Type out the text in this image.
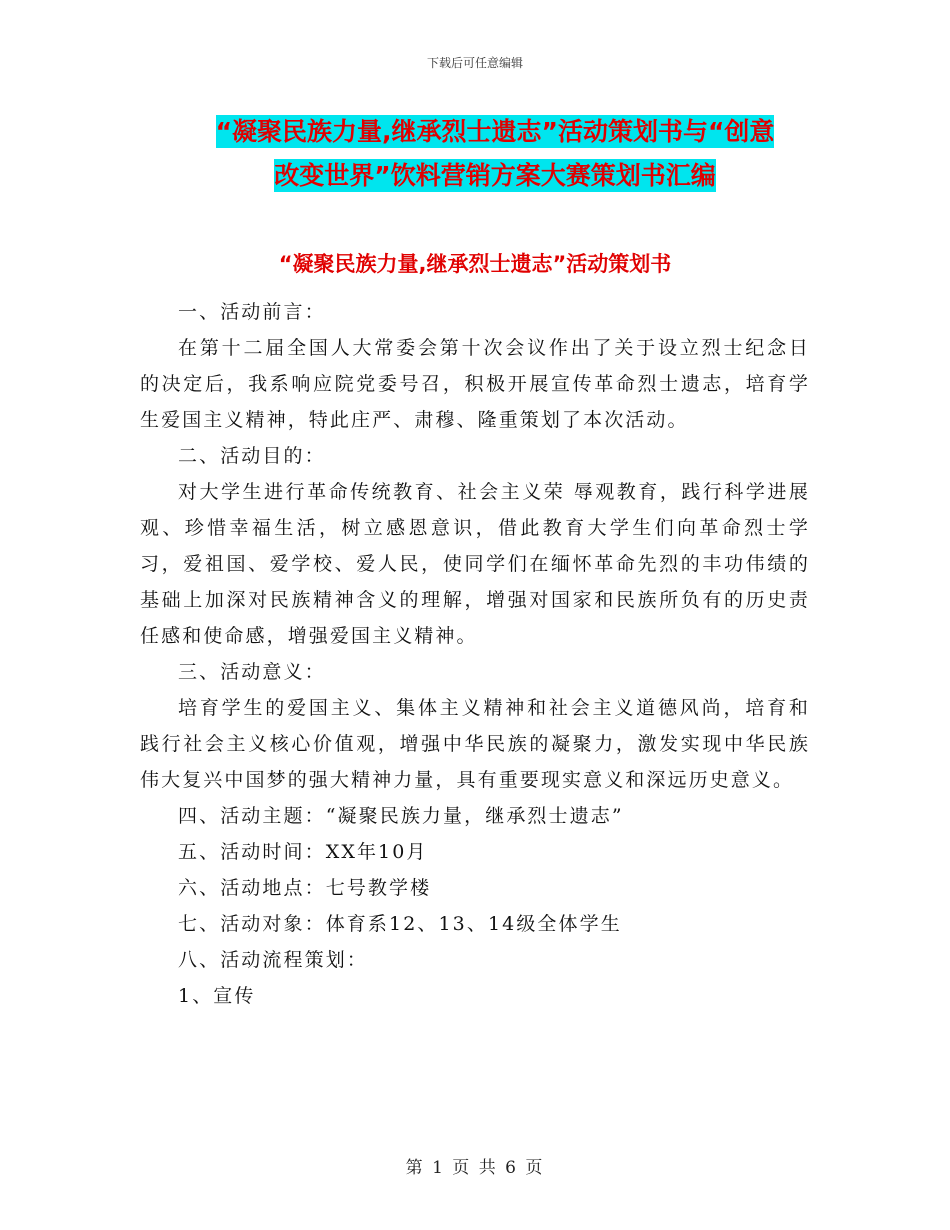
下载后可任意编辑
“凝聚民族力量,继承烈士遗志”活动策划书与“创意
改变世界”饮料营销方案大赛策划书汇编
“凝聚民族力量,继承烈士遗志”活动策划书

一、活动前言：

在第十二届全国人大常委会第十次会议作出了关于设立烈士纪念日的决定后，我系响应院党委号召，积极开展宣传革命烈士遗志，培育学生爱国主义精神，特此庄严、肃穆、隆重策划了本次活动。

二、活动目的：

对大学生进行革命传统教育、社会主义荣 辱观教育，践行科学进展观、珍惜幸福生活，树立感恩意识，借此教育大学生们向革命烈士学习，爱祖国、爱学校、爱人民，使同学们在缅怀革命先烈的丰功伟绩的基础上加深对民族精神含义的理解，增强对国家和民族所负有的历史责任感和使命感，增强爱国主义精神。

三、活动意义：

培育学生的爱国主义、集体主义精神和社会主义道德风尚，培育和践行社会主义核心价值观，增强中华民族的凝聚力，激发实现中华民族伟大复兴中国梦的强大精神力量，具有重要现实意义和深远历史意义。

四、活动主题：“凝聚民族力量，继承烈士遗志”

五、活动时间：XX年10月

六、活动地点：七号教学楼

七、活动对象：体育系12、13、14级全体学生

八、活动流程策划：

1、宣传

第 1 页 共 6 页
